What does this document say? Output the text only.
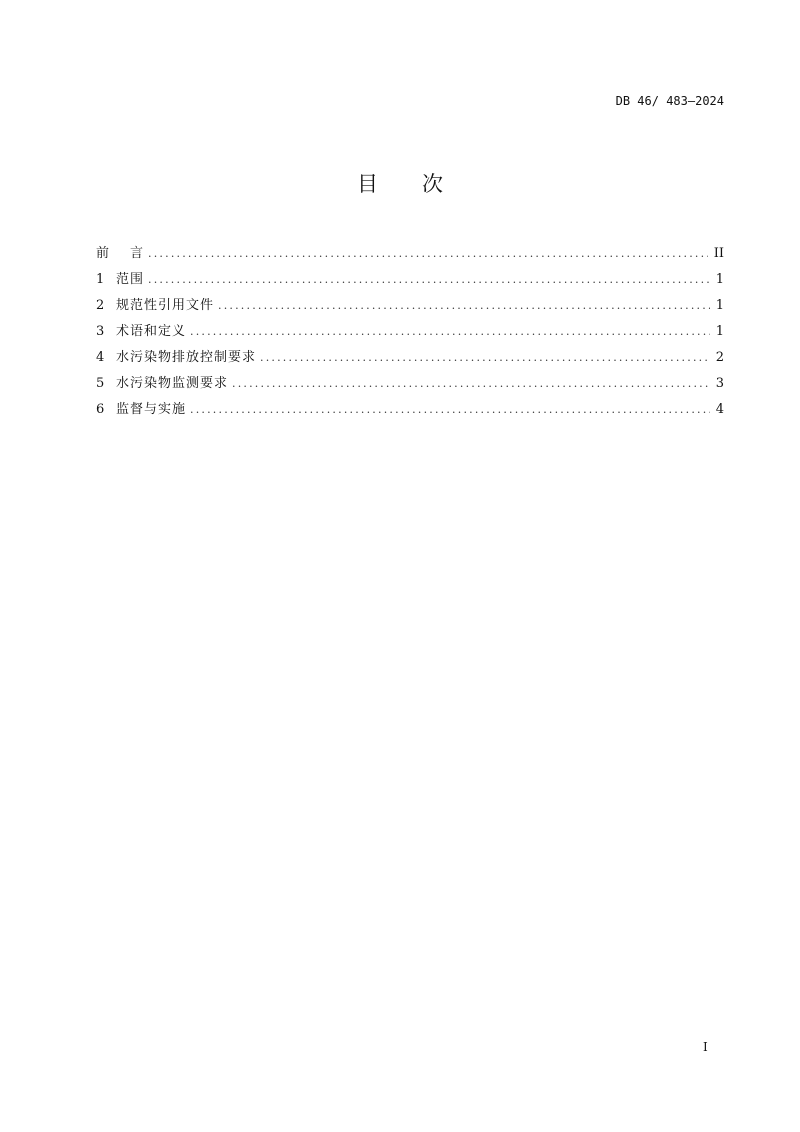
DB 46/ 483—2024
目 次
前 言 .....	II
1 范围 .....	1
2 规范性引用文件 .....	1
3 术语和定义 .....	1
4 水污染物排放控制要求 .....	2
5 水污染物监测要求 .....	3
6 监督与实施 .....	4
I
